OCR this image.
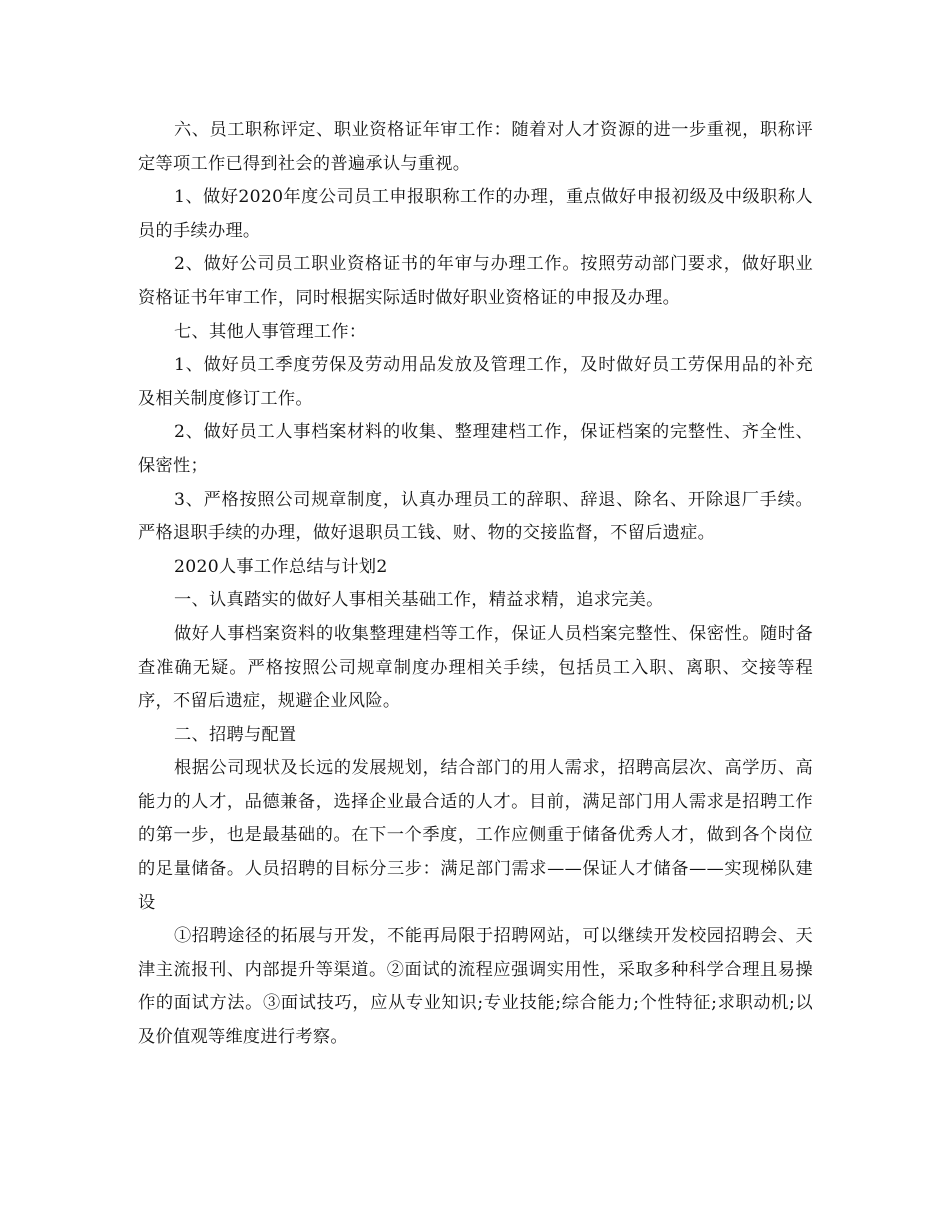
六、员工职称评定、职业资格证年审工作：随着对人才资源的进一步重视，职称评定等项工作已得到社会的普遍承认与重视。

1、做好2020年度公司员工申报职称工作的办理，重点做好申报初级及中级职称人员的手续办理。

2、做好公司员工职业资格证书的年审与办理工作。按照劳动部门要求，做好职业资格证书年审工作，同时根据实际适时做好职业资格证的申报及办理。

七、其他人事管理工作：

1、做好员工季度劳保及劳动用品发放及管理工作，及时做好员工劳保用品的补充及相关制度修订工作。

2、做好员工人事档案材料的收集、整理建档工作，保证档案的完整性、齐全性、保密性；

3、严格按照公司规章制度，认真办理员工的辞职、辞退、除名、开除退厂手续。严格退职手续的办理，做好退职员工钱、财、物的交接监督，不留后遗症。

2020人事工作总结与计划2

一、认真踏实的做好人事相关基础工作，精益求精，追求完美。

做好人事档案资料的收集整理建档等工作，保证人员档案完整性、保密性。随时备查准确无疑。严格按照公司规章制度办理相关手续，包括员工入职、离职、交接等程序，不留后遗症，规避企业风险。

二、招聘与配置

根据公司现状及长远的发展规划，结合部门的用人需求，招聘高层次、高学历、高能力的人才，品德兼备，选择企业最合适的人才。目前，满足部门用人需求是招聘工作的第一步，也是最基础的。在下一个季度，工作应侧重于储备优秀人才，做到各个岗位的足量储备。人员招聘的目标分三步：满足部门需求——保证人才储备——实现梯队建设

①招聘途径的拓展与开发，不能再局限于招聘网站，可以继续开发校园招聘会、天津主流报刊、内部提升等渠道。②面试的流程应强调实用性，采取多种科学合理且易操作的面试方法。③面试技巧，应从专业知识;专业技能;综合能力;个性特征;求职动机;以及价值观等维度进行考察。
